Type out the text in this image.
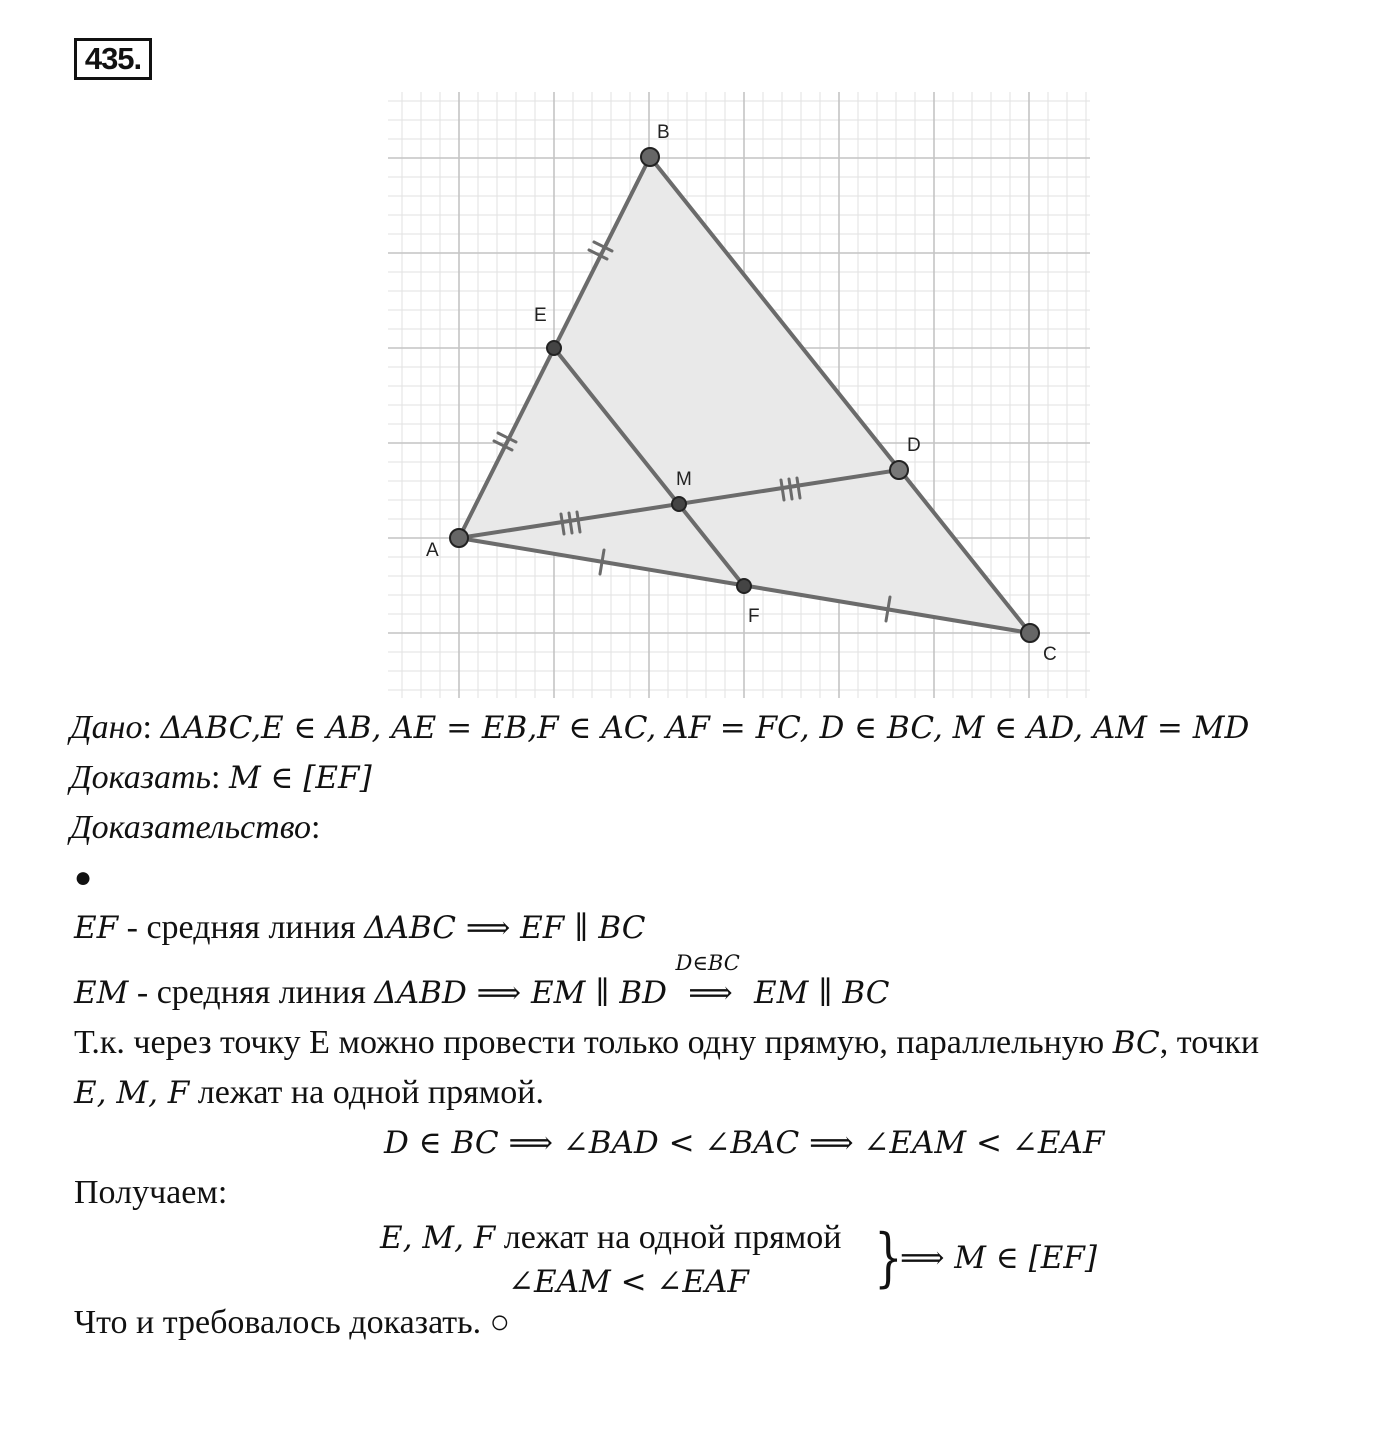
435.
A
B
C
D
E
M
F
Дано: ΔABC,E ∈ AB, AE = EB,F ∈ AC, AF = FC, D ∈ BC, M ∈ AD, AM = MD
Доказать: M ∈ [EF]
Доказательство:
●
EF - средняя линия ΔABC ⟹ EF ∥ BC
EM - средняя линия ΔABD ⟹ EM ∥ BD
D∈BC
⟹ EM ∥ BC
Т.к. через точку Е можно провести только одну прямую, параллельную BC, точки
E, M, F лежат на одной прямой.
D ∈ BC ⟹ ∠BAD < ∠BAC ⟹ ∠EAM < ∠EAF
Получаем:
E, M, F лежат на одной прямой
∠EAM < ∠EAF }
⟹ M ∈ [EF]
Что и требовалось доказать. ○
